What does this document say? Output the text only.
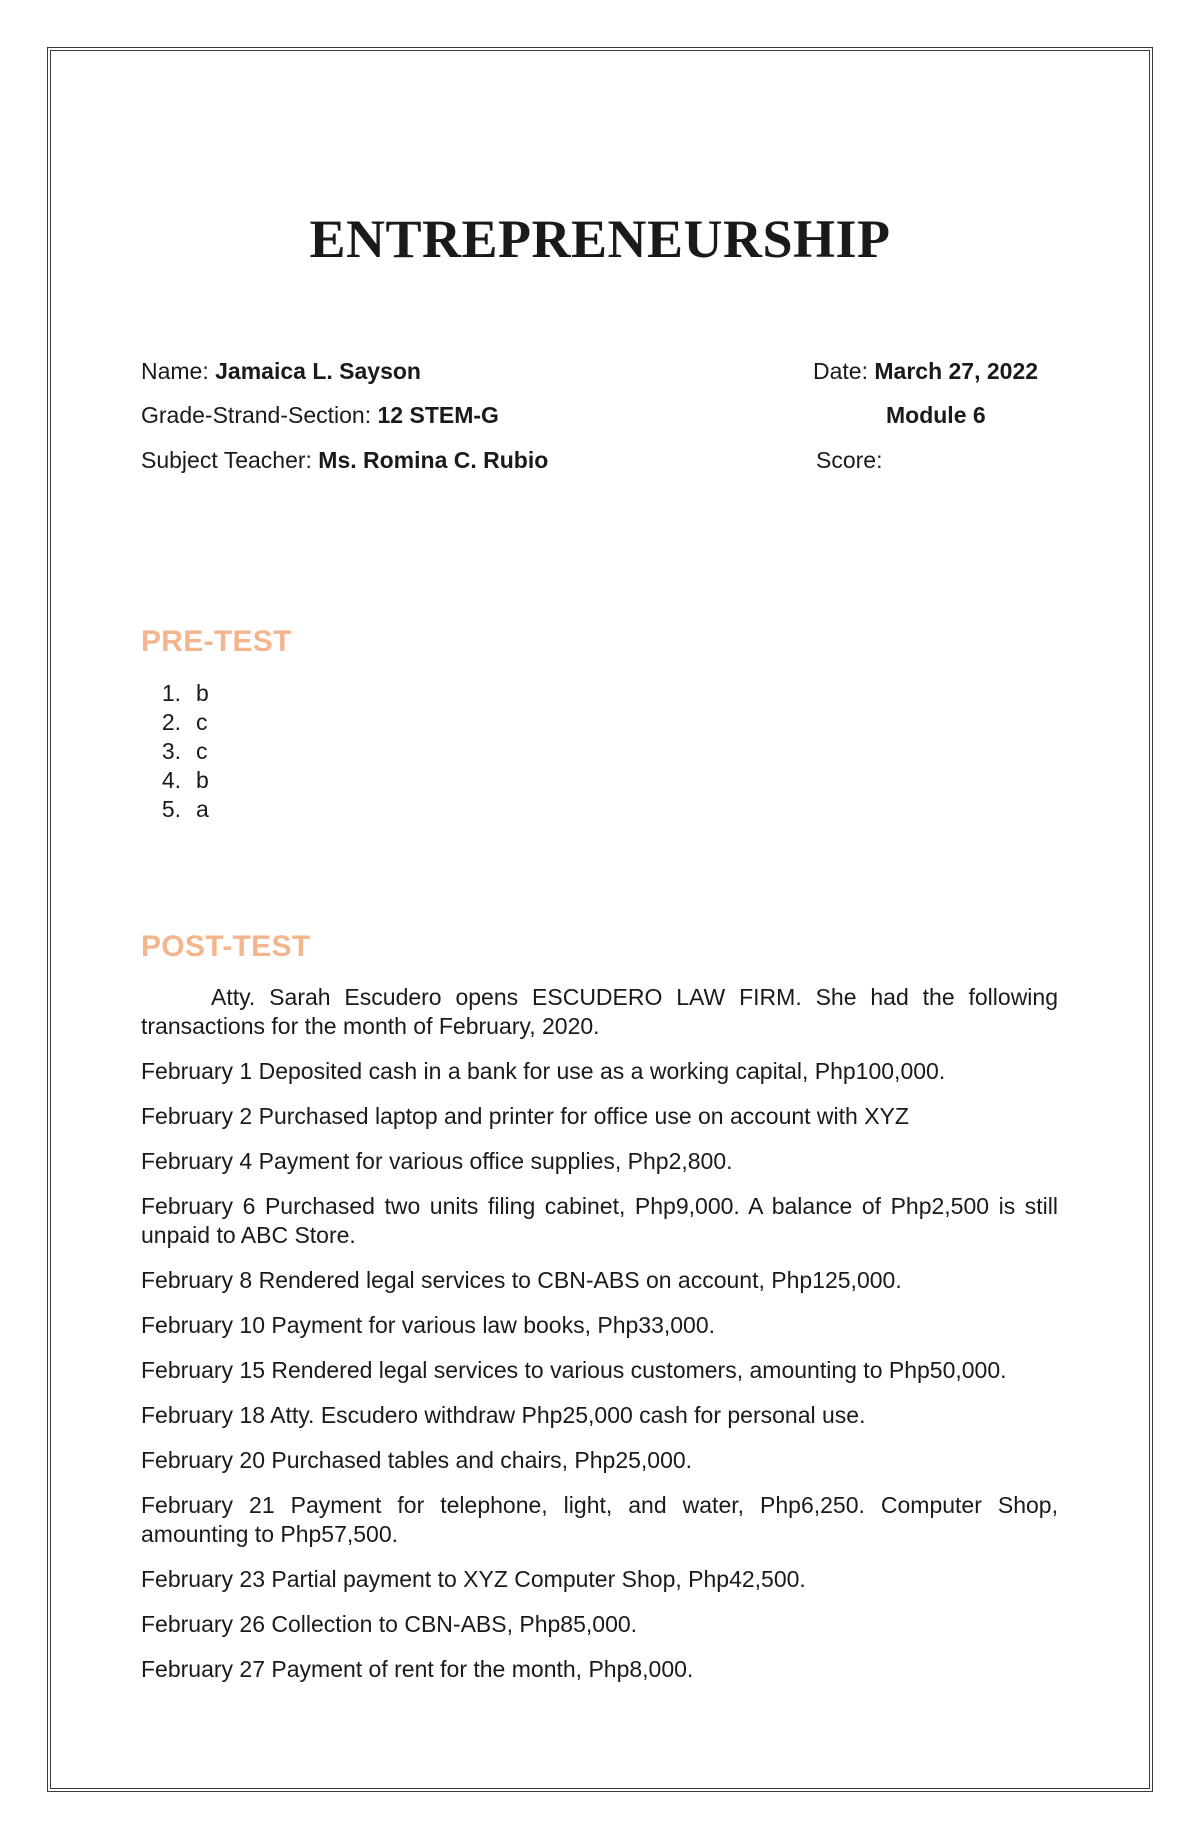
ENTREPRENEURSHIP
Name: Jamaica L. Sayson	Date: March 27, 2022
Grade-Strand-Section: 12 STEM-G	Module 6
Subject Teacher: Ms. Romina C. Rubio	Score:
PRE-TEST
1. b
2. c
3. c
4. b
5. a
POST-TEST

Atty. Sarah Escudero opens ESCUDERO LAW FIRM. She had the following transactions for the month of February, 2020.

February 1 Deposited cash in a bank for use as a working capital, Php100,000.

February 2 Purchased laptop and printer for office use on account with XYZ

February 4 Payment for various office supplies, Php2,800.

February 6 Purchased two units filing cabinet, Php9,000. A balance of Php2,500 is still unpaid to ABC Store.

February 8 Rendered legal services to CBN-ABS on account, Php125,000.

February 10 Payment for various law books, Php33,000.

February 15 Rendered legal services to various customers, amounting to Php50,000.

February 18 Atty. Escudero withdraw Php25,000 cash for personal use.

February 20 Purchased tables and chairs, Php25,000.

February 21 Payment for telephone, light, and water, Php6,250. Computer Shop, amounting to Php57,500.

February 23 Partial payment to XYZ Computer Shop, Php42,500.

February 26 Collection to CBN-ABS, Php85,000.

February 27 Payment of rent for the month, Php8,000.
